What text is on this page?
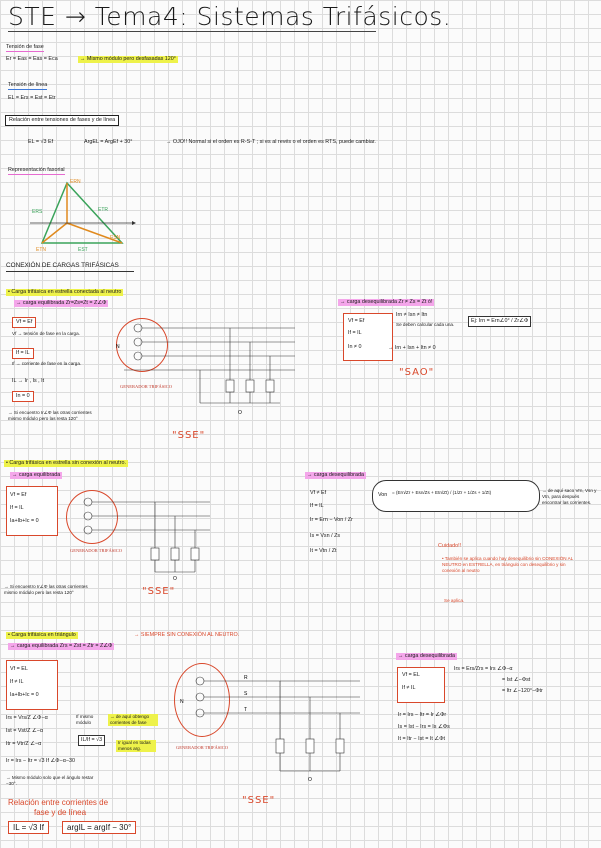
STE → Tema4: Sistemas Trifásicos.
Tensión de fase
Er = Eas = Eas = Eca	→ Mismo módulo pero desfasadas 120°
Tensión de línea
EL = Ers = Est = Etr
Relación entre tensiones de fases y de línea
EL = √3 Ef	ArgEL = ArgEf + 30°	→ OJO!! Normal si el orden es R-S-T ; si es al revés o el orden es RTS, puede cambiar.
Representación fasorial
ERN
ESN
ETN
ERS
EST
ETR
CONEXIÓN DE CARGAS TRIFÁSICAS
• Carga trifásica en estrella conectada al neutro
→ carga equilibrada Zr=Zs=Zt = Z∠Φ
Vf = Ef
Vf → tensión de fase en la carga.
If = IL
If → corriente de fase en la carga.
IL → Ir , Is , It
In = 0
→ Si encuentro Ir∠Φ las otras corrientes mismo módulo pero las resta 120°
GENERADOR TRIFÁSICO
N
O
"SSE"
→ carga desequilibrada Zr ≠ Zs = Zt ó!
Vf = Ef
If = IL
In ≠ 0
Irn ≠ Isn ≠ Itn
Se deben calcular cada una.
Ej: Irn = Ern∠0° / Zr∠Φ
→ Irn + Isn + Itn ≠ 0
"SAO"
• Carga trifásica en estrella sin conexión al neutro.
→ carga equilibrada
Vf = Ef
If = IL
Ia+Ib+Ic = 0
→ Si encuentro Ir∠Φ las otras corrientes mismo módulo pero las resta 120°
GENERADOR TRIFÁSICO
O
"SSE"
→ carga desequilibrada
Vf ≠ Ef
If = IL
Ir = Ern − Von / Zr
Is = Vsn / Zs
It = Vtn / Zt
Von = (Ern/Zr + Esn/Zs + Etn/Zt) / (1/Zr + 1/Zs + 1/Zt)	→ de aquí saco Vrn, Vsn y Vtn, para después encontrar las corrientes.
Cuidado!!
• También se aplica cuando hay desequilibrio sin CONEXIÓN AL NEUTRO en ESTRELLA, en triángulo con desequilibrio y sin conexión al neutro
Se aplica.
• Carga trifásica en triángulo	→ SIEMPRE SIN CONEXIÓN AL NEUTRO.
→ carga equilibrada Zrs = Zst = Ztr = Z∠Φ
Vf = EL
If ≠ IL
Ia+Ib+Ic = 0
Irs = Vrs/Z ∠Φ−α
Ist = Vst/Z ∠−α
Itr = Vtr/Z ∠−α
If mismo módulo
→ de aquí obtengo corrientes de fase
IL/If = √3	Ir igual en todas menos arg.
Ir = Irs − Itr = √3 If ∠Φ−α−30
→ Mismo módulo solo que el ángulo restar −30°.
GENERADOR TRIFÁSICO
N
R
S
T
O
"SSE"
→ carga desequilibrada
Vf = EL
If ≠ IL
Irs = Ers/Zrs = Irs ∠Φ−α
= Ist ∠−Φst
= Itr ∠−120°−Φtr
Ir = Irs − Itr = Ir ∠Φr
Is = Ist − Irs = Is ∠Φs
It = Itr − Ist = It ∠Φt
Relación entre corrientes de
fase y de línea
IL = √3 If	argIL = argIf − 30°
